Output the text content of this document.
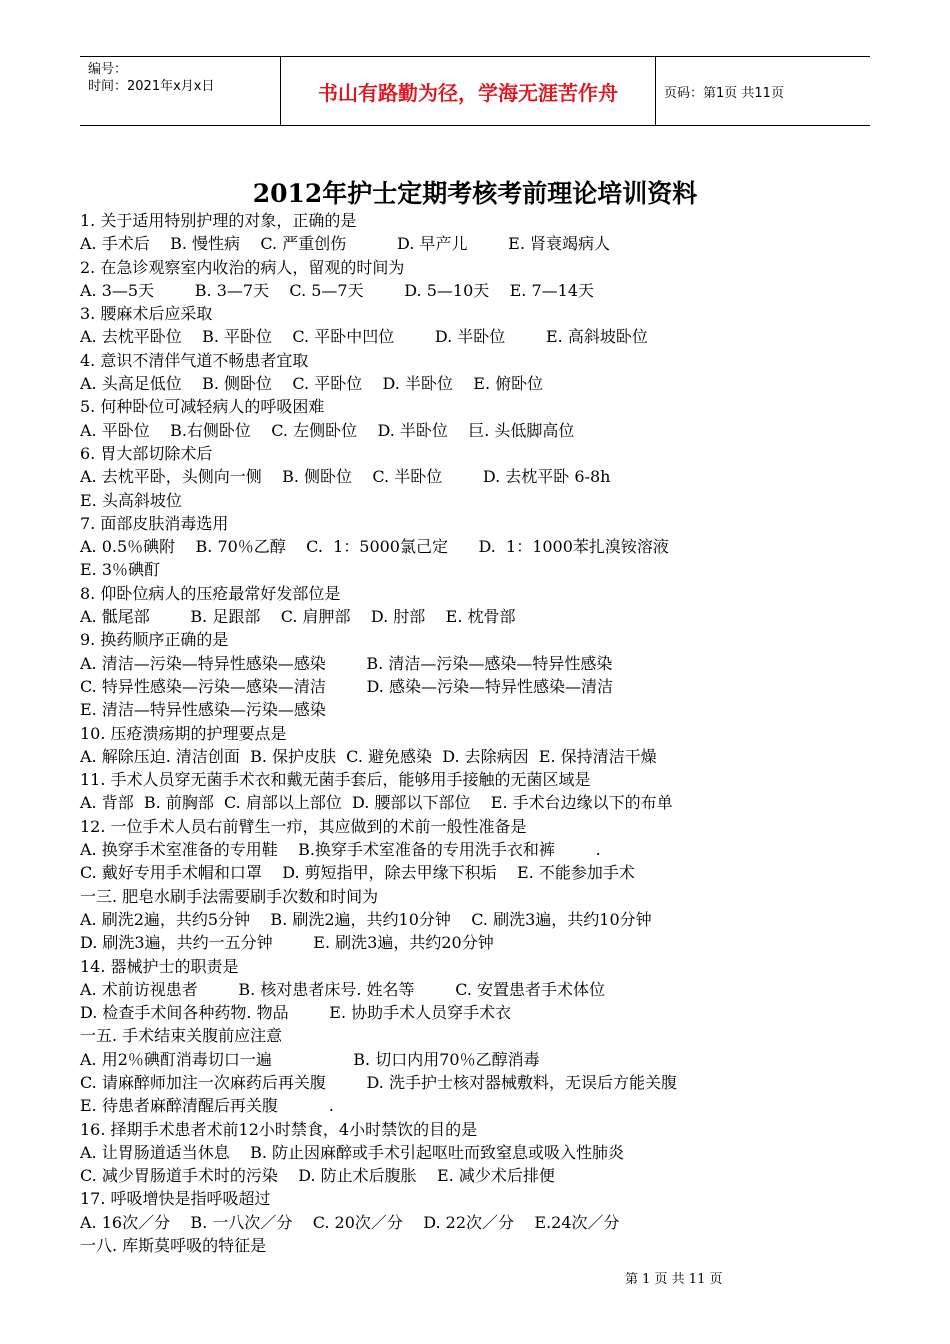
编号：
时间：2021年x月x日	书山有路勤为径，学海无涯苦作舟	页码：第1页 共11页
2012年护士定期考核考前理论培训资料
1. 关于适用特别护理的对象，正确的是
A. 手术后    B. 慢性病    C. 严重创伤          D. 早产儿        E. 肾衰竭病人
2. 在急诊观察室内收治的病人，留观的时间为
A. 3—5天        B. 3—7天    C. 5—7天        D. 5—10天    E. 7—14天
3. 腰麻术后应采取
A. 去枕平卧位    B. 平卧位    C. 平卧中凹位        D. 半卧位        E. 高斜坡卧位
4. 意识不清伴气道不畅患者宜取
A. 头高足低位    B. 侧卧位    C. 平卧位    D. 半卧位    E. 俯卧位
5. 何种卧位可减轻病人的呼吸困难
A. 平卧位    B.右侧卧位    C. 左侧卧位    D. 半卧位    巨. 头低脚高位
6. 胃大部切除术后
A. 去枕平卧，头侧向一侧    B. 侧卧位    C. 半卧位        D. 去枕平卧 6-8h
E. 头高斜坡位
7. 面部皮肤消毒选用
A. 0.5％碘附    B. 70％乙醇    C.  1：5000氯己定      D.  1：1000苯扎溴铵溶液
E. 3％碘酊
8. 仰卧位病人的压疮最常好发部位是
A. 骶尾部        B. 足跟部    C. 肩胛部    D. 肘部    E. 枕骨部
9. 换药顺序正确的是
A. 清洁—污染—特异性感染—感染        B. 清洁—污染—感染—特异性感染
C. 特异性感染—污染—感染—清洁        D. 感染—污染—特异性感染—清洁
E. 清洁—特异性感染—污染—感染
10. 压疮溃疡期的护理要点是
A. 解除压迫. 清洁创面  B. 保护皮肤  C. 避免感染  D. 去除病因  E. 保持清洁干燥
11. 手术人员穿无菌手术衣和戴无菌手套后，能够用手接触的无菌区域是
A. 背部  B. 前胸部  C. 肩部以上部位  D. 腰部以下部位    E. 手术台边缘以下的布单
12. 一位手术人员右前臂生一疖，其应做到的术前一般性准备是
A. 换穿手术室准备的专用鞋    B.换穿手术室准备的专用洗手衣和裤        .
C. 戴好专用手术帽和口罩    D. 剪短指甲，除去甲缘下积垢    E. 不能参加手术
一三. 肥皂水刷手法需要刷手次数和时间为
A. 刷洗2遍，共约5分钟    B. 刷洗2遍，共约10分钟    C. 刷洗3遍，共约10分钟
D. 刷洗3遍，共约一五分钟        E. 刷洗3遍，共约20分钟
14. 器械护士的职责是
A. 术前访视患者        B. 核对患者床号. 姓名等        C. 安置患者手术体位
D. 检查手术间各种药物. 物品        E. 协助手术人员穿手术衣
一五. 手术结束关腹前应注意
A. 用2％碘酊消毒切口一遍                B. 切口内用70％乙醇消毒
C. 请麻醉师加注一次麻药后再关腹        D. 洗手护士核对器械敷料，无误后方能关腹
E. 待患者麻醉清醒后再关腹          .
16. 择期手术患者术前12小时禁食，4小时禁饮的目的是
A. 让胃肠道适当休息    B. 防止因麻醉或手术引起呕吐而致窒息或吸入性肺炎
C. 减少胃肠道手术时的污染    D. 防止术后腹胀    E. 减少术后排便
17. 呼吸增快是指呼吸超过
A. 16次／分    B. 一八次／分    C. 20次／分    D. 22次／分    E.24次／分
一八. 库斯莫呼吸的特征是
第 1 页 共 11 页
